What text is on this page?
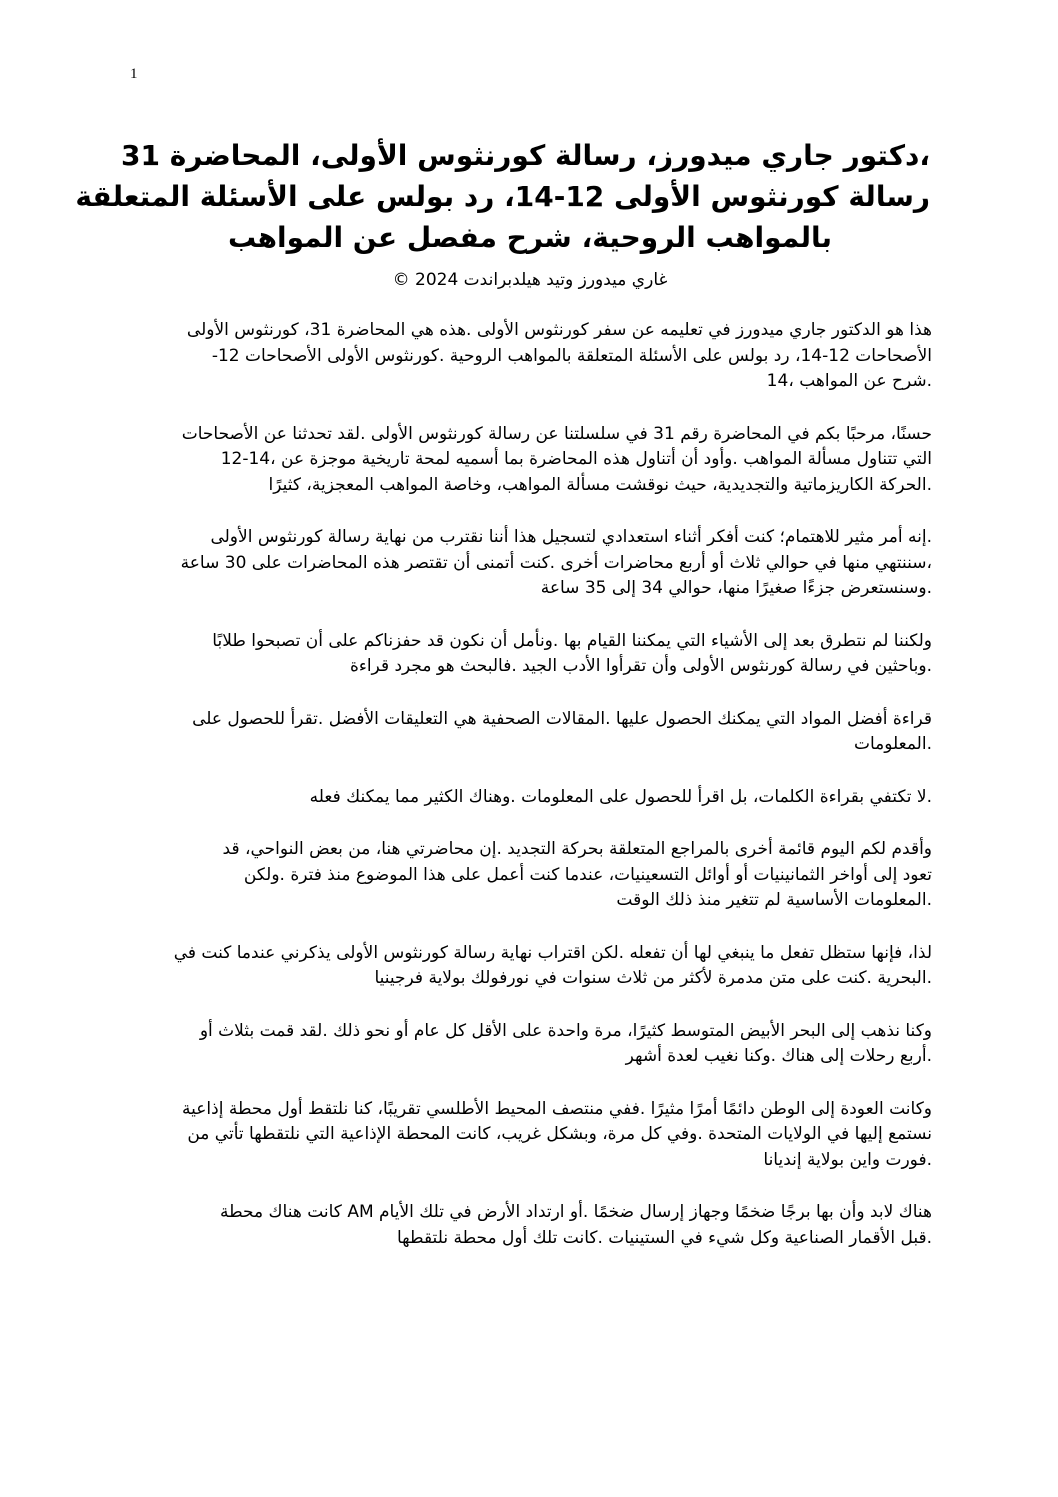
1
،دكتور جاري ميدورز، رسالة كورنثوس الأولى، المحاضرة 31
رسالة كورنثوس الأولى 12-14، رد بولس على الأسئلة المتعلقة
بالمواهب الروحية، شرح مفصل عن المواهب
غاري ميدورز وتيد هيلدبراندت 2024 ©

هذا هو الدكتور جاري ميدورز في تعليمه عن سفر كورنثوس الأولى .هذه هي المحاضرة 31، كورنثوس الأولى
الأصحاحات 12-14، رد بولس على الأسئلة المتعلقة بالمواهب الروحية .كورنثوس الأولى الأصحاحات 12-
.شرح عن المواهب ،14

حسنًا، مرحبًا بكم في المحاضرة رقم 31 في سلسلتنا عن رسالة كورنثوس الأولى .لقد تحدثنا عن الأصحاحات
التي تتناول مسألة المواهب .وأود أن أتناول هذه المحاضرة بما أسميه لمحة تاريخية موجزة عن ،14-12
.الحركة الكاريزماتية والتجديدية، حيث نوقشت مسألة المواهب، وخاصة المواهب المعجزية، كثيرًا

.إنه أمر مثير للاهتمام؛ كنت أفكر أثناء استعدادي لتسجيل هذا أننا نقترب من نهاية رسالة كورنثوس الأولى
،سننتهي منها في حوالي ثلاث أو أربع محاضرات أخرى .كنت أتمنى أن تقتصر هذه المحاضرات على 30 ساعة
.وسنستعرض جزءًا صغيرًا منها، حوالي 34 إلى 35 ساعة

ولكننا لم نتطرق بعد إلى الأشياء التي يمكننا القيام بها .ونأمل أن نكون قد حفزناكم على أن تصبحوا طلابًا
.وباحثين في رسالة كورنثوس الأولى وأن تقرأوا الأدب الجيد .فالبحث هو مجرد قراءة

قراءة أفضل المواد التي يمكنك الحصول عليها .المقالات الصحفية هي التعليقات الأفضل .تقرأ للحصول على
.المعلومات

.لا تكتفي بقراءة الكلمات، بل اقرأ للحصول على المعلومات .وهناك الكثير مما يمكنك فعله

وأقدم لكم اليوم قائمة أخرى بالمراجع المتعلقة بحركة التجديد .إن محاضرتي هنا، من بعض النواحي، قد
تعود إلى أواخر الثمانينيات أو أوائل التسعينيات، عندما كنت أعمل على هذا الموضوع منذ فترة .ولكن
.المعلومات الأساسية لم تتغير منذ ذلك الوقت

لذا، فإنها ستظل تفعل ما ينبغي لها أن تفعله .لكن اقتراب نهاية رسالة كورنثوس الأولى يذكرني عندما كنت في
.البحرية .كنت على متن مدمرة لأكثر من ثلاث سنوات في نورفولك بولاية فرجينيا

وكنا نذهب إلى البحر الأبيض المتوسط كثيرًا، مرة واحدة على الأقل كل عام أو نحو ذلك .لقد قمت بثلاث أو
.أربع رحلات إلى هناك .وكنا نغيب لعدة أشهر

وكانت العودة إلى الوطن دائمًا أمرًا مثيرًا .ففي منتصف المحيط الأطلسي تقريبًا، كنا نلتقط أول محطة إذاعية
نستمع إليها في الولايات المتحدة .وفي كل مرة، وبشكل غريب، كانت المحطة الإذاعية التي نلتقطها تأتي من
.فورت واين بولاية إنديانا

هناك لابد وأن بها برجًا ضخمًا وجهاز إرسال ضخمًا .أو ارتداد الأرض في تلك الأيام AM كانت هناك محطة
.قبل الأقمار الصناعية وكل شيء في الستينيات .كانت تلك أول محطة نلتقطها
